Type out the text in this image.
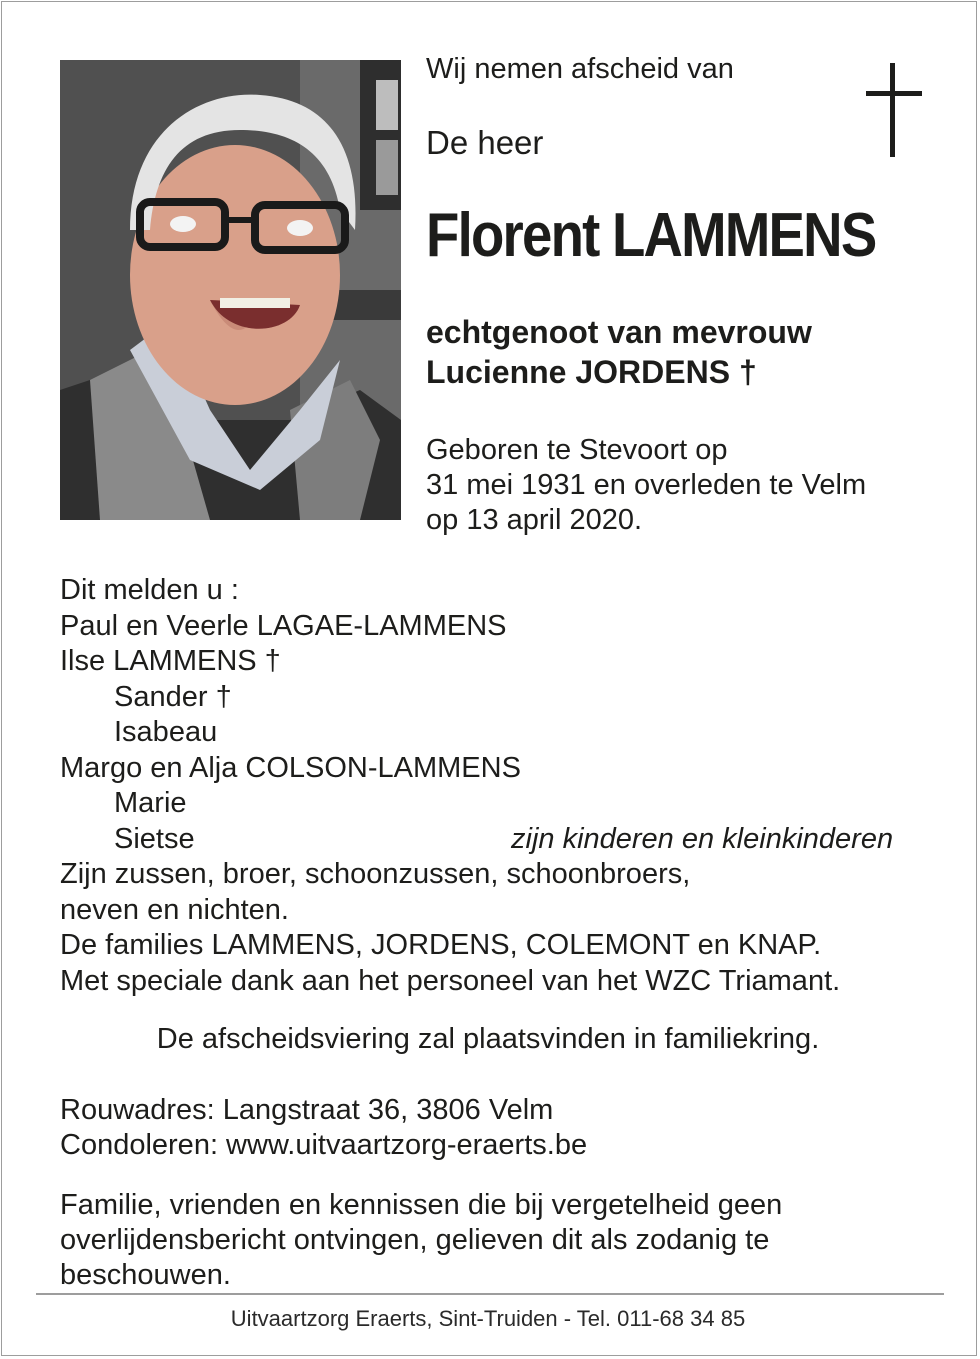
Wij nemen afscheid van
De heer
Florent LAMMENS
echtgenoot van mevrouw
Lucienne JORDENS †
Geboren te Stevoort op
31 mei 1931 en overleden te Velm
op 13 april 2020.
Dit melden u :
Paul en Veerle LAGAE-LAMMENS
Ilse LAMMENS †
Sander †
Isabeau
Margo en Alja COLSON-LAMMENS
Marie
Sietse	zijn kinderen en kleinkinderen
Zijn zussen, broer, schoonzussen, schoonbroers,
neven en nichten.
De families LAMMENS, JORDENS, COLEMONT en KNAP.
Met speciale dank aan het personeel van het WZC Triamant.
De afscheidsviering zal plaatsvinden in familiekring.
Rouwadres: Langstraat 36, 3806 Velm
Condoleren: www.uitvaartzorg-eraerts.be
Familie, vrienden en kennissen die bij vergetelheid geen
overlijdensbericht ontvingen, gelieven dit als zodanig te
beschouwen.
Uitvaartzorg Eraerts, Sint-Truiden - Tel. 011-68 34 85
